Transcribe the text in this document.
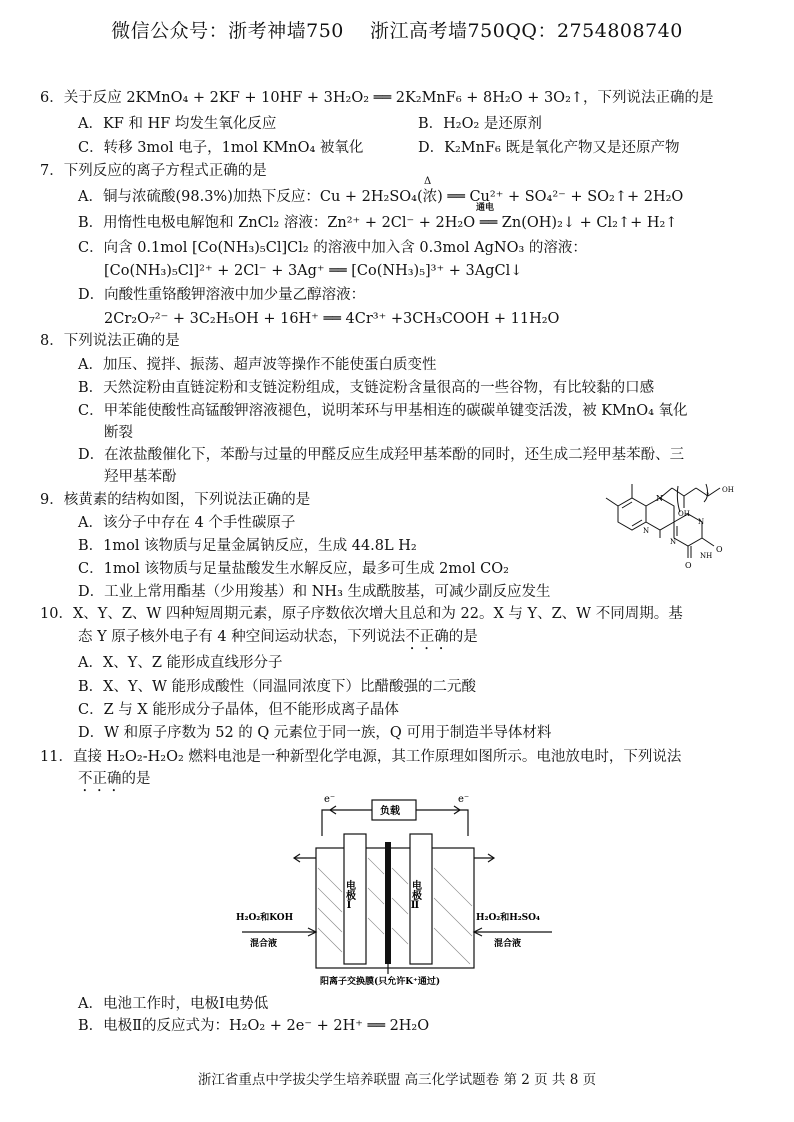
微信公众号：浙考神墙750    浙江高考墙750QQ：2754808740
6．关于反应 2KMnO₄ + 2KF + 10HF + 3H₂O₂ ══ 2K₂MnF₆ + 8H₂O + 3O₂↑，下列说法正确的是
A．KF 和 HF 均发生氧化反应	B．H₂O₂ 是还原剂
C．转移 3mol 电子，1mol KMnO₄ 被氧化	D．K₂MnF₆ 既是氧化产物又是还原产物
7．下列反应的离子方程式正确的是
Δ
A．铜与浓硫酸(98.3%)加热下反应：Cu + 2H₂SO₄(浓) ══ Cu²⁺ + SO₄²⁻ + SO₂↑+ 2H₂O
通电
B．用惰性电极电解饱和 ZnCl₂ 溶液：Zn²⁺ + 2Cl⁻ + 2H₂O ══ Zn(OH)₂↓ + Cl₂↑+ H₂↑
C．向含 0.1mol [Co(NH₃)₅Cl]Cl₂ 的溶液中加入含 0.3mol AgNO₃ 的溶液：
[Co(NH₃)₅Cl]²⁺ + 2Cl⁻ + 3Ag⁺ ══ [Co(NH₃)₅]³⁺ + 3AgCl↓
D．向酸性重铬酸钾溶液中加少量乙醇溶液：
2Cr₂O₇²⁻ + 3C₂H₅OH + 16H⁺ ══ 4Cr³⁺ +3CH₃COOH + 11H₂O
8．下列说法正确的是
A．加压、搅拌、振荡、超声波等操作不能使蛋白质变性
B．天然淀粉由直链淀粉和支链淀粉组成，支链淀粉含量很高的一些谷物，有比较黏的口感
C．甲苯能使酸性高锰酸钾溶液褪色，说明苯环与甲基相连的碳碳单键变活泼，被 KMnO₄ 氧化
断裂
D．在浓盐酸催化下，苯酚与过量的甲醛反应生成羟甲基苯酚的同时，还生成二羟甲基苯酚、三
羟甲基苯酚
9．核黄素的结构如图，下列说法正确的是
A．该分子中存在 4 个手性碳原子
B．1mol 该物质与足量金属钠反应，生成 44.8L H₂
C．1mol 该物质与足量盐酸发生水解反应，最多可生成 2mol CO₂
D．工业上常用酯基（少用羧基）和 NH₃ 生成酰胺基，可减少副反应发生
N
OH
OH
3
N
N
N
O
O
NH
10．X、Y、Z、W 四种短周期元素，原子序数依次增大且总和为 22。X 与 Y、Z、W 不同周期。基
态 Y 原子核外电子有 4 种空间运动状态，下列说法不正确的是
A．X、Y、Z 能形成直线形分子
B．X、Y、W 能形成酸性（同温同浓度下）比醋酸强的二元酸
C．Z 与 X 能形成分子晶体，但不能形成离子晶体
D．W 和原子序数为 52 的 Q 元素位于同一族，Q 可用于制造半导体材料
11．直接 H₂O₂-H₂O₂ 燃料电池是一种新型化学电源，其工作原理如图所示。电池放电时，下列说法
不正确的是
负载
e⁻	e⁻
电极Ⅰ	电极Ⅱ
H₂O₂和KOH
混合液
H₂O₂和H₂SO₄
混合液
阳离子交换膜(只允许K⁺通过)
A．电池工作时，电极Ⅰ电势低
B．电极Ⅱ的反应式为：H₂O₂ + 2e⁻ + 2H⁺ ══ 2H₂O
浙江省重点中学拔尖学生培养联盟 高三化学试题卷 第 2 页 共 8 页
